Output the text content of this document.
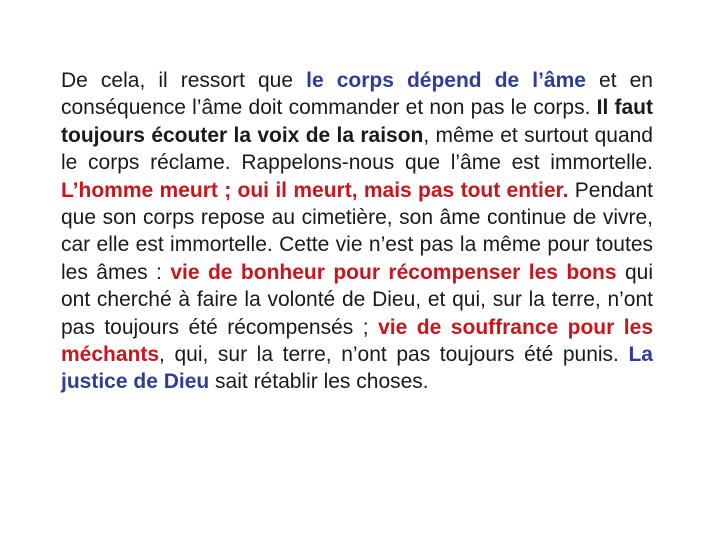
De cela, il ressort que le corps dépend de l’âme et en conséquence l’âme doit commander et non pas le corps. Il faut toujours écouter la voix de la raison, même et surtout quand le corps réclame. Rappelons-nous que l’âme est immortelle. L’homme meurt ; oui il meurt, mais pas tout entier. Pendant que son corps repose au cimetière, son âme continue de vivre, car elle est immortelle. Cette vie n’est pas la même pour toutes les âmes : vie de bonheur pour récompenser les bons qui ont cherché à faire la volonté de Dieu, et qui, sur la terre, n’ont pas toujours été récompensés ; vie de souffrance pour les méchants, qui, sur la terre, n’ont pas toujours été punis. La justice de Dieu sait rétablir les choses.
